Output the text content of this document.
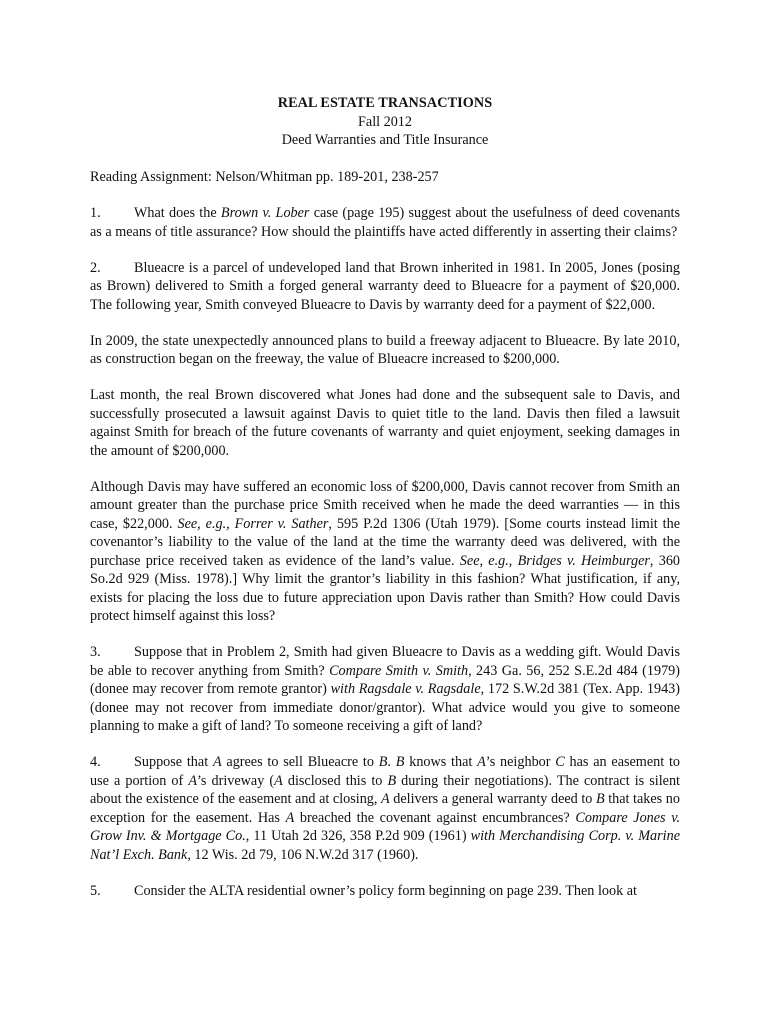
REAL ESTATE TRANSACTIONS
Fall 2012
Deed Warranties and Title Insurance

Reading Assignment: Nelson/Whitman pp. 189-201, 238-257

1. What does the Brown v. Lober case (page 195) suggest about the usefulness of deed covenants as a means of title assurance? How should the plaintiffs have acted differently in asserting their claims?

2. Blueacre is a parcel of undeveloped land that Brown inherited in 1981. In 2005, Jones (posing as Brown) delivered to Smith a forged general warranty deed to Blueacre for a payment of $20,000. The following year, Smith conveyed Blueacre to Davis by warranty deed for a payment of $22,000.

In 2009, the state unexpectedly announced plans to build a freeway adjacent to Blueacre. By late 2010, as construction began on the freeway, the value of Blueacre increased to $200,000.

Last month, the real Brown discovered what Jones had done and the subsequent sale to Davis, and successfully prosecuted a lawsuit against Davis to quiet title to the land. Davis then filed a lawsuit against Smith for breach of the future covenants of warranty and quiet enjoyment, seeking damages in the amount of $200,000.

Although Davis may have suffered an economic loss of $200,000, Davis cannot recover from Smith an amount greater than the purchase price Smith received when he made the deed warranties — in this case, $22,000. See, e.g., Forrer v. Sather, 595 P.2d 1306 (Utah 1979). [Some courts instead limit the covenantor’s liability to the value of the land at the time the warranty deed was delivered, with the purchase price received taken as evidence of the land’s value. See, e.g., Bridges v. Heimburger, 360 So.2d 929 (Miss. 1978).] Why limit the grantor’s liability in this fashion? What justification, if any, exists for placing the loss due to future appreciation upon Davis rather than Smith? How could Davis protect himself against this loss?

3. Suppose that in Problem 2, Smith had given Blueacre to Davis as a wedding gift. Would Davis be able to recover anything from Smith? Compare Smith v. Smith, 243 Ga. 56, 252 S.E.2d 484 (1979) (donee may recover from remote grantor) with Ragsdale v. Ragsdale, 172 S.W.2d 381 (Tex. App. 1943) (donee may not recover from immediate donor/grantor). What advice would you give to someone planning to make a gift of land? To someone receiving a gift of land?

4. Suppose that A agrees to sell Blueacre to B. B knows that A’s neighbor C has an easement to use a portion of A’s driveway (A disclosed this to B during their negotiations). The contract is silent about the existence of the easement and at closing, A delivers a general warranty deed to B that takes no exception for the easement. Has A breached the covenant against encumbrances? Compare Jones v. Grow Inv. & Mortgage Co., 11 Utah 2d 326, 358 P.2d 909 (1961) with Merchandising Corp. v. Marine Nat’l Exch. Bank, 12 Wis. 2d 79, 106 N.W.2d 317 (1960).

5. Consider the ALTA residential owner’s policy form beginning on page 239. Then look at
